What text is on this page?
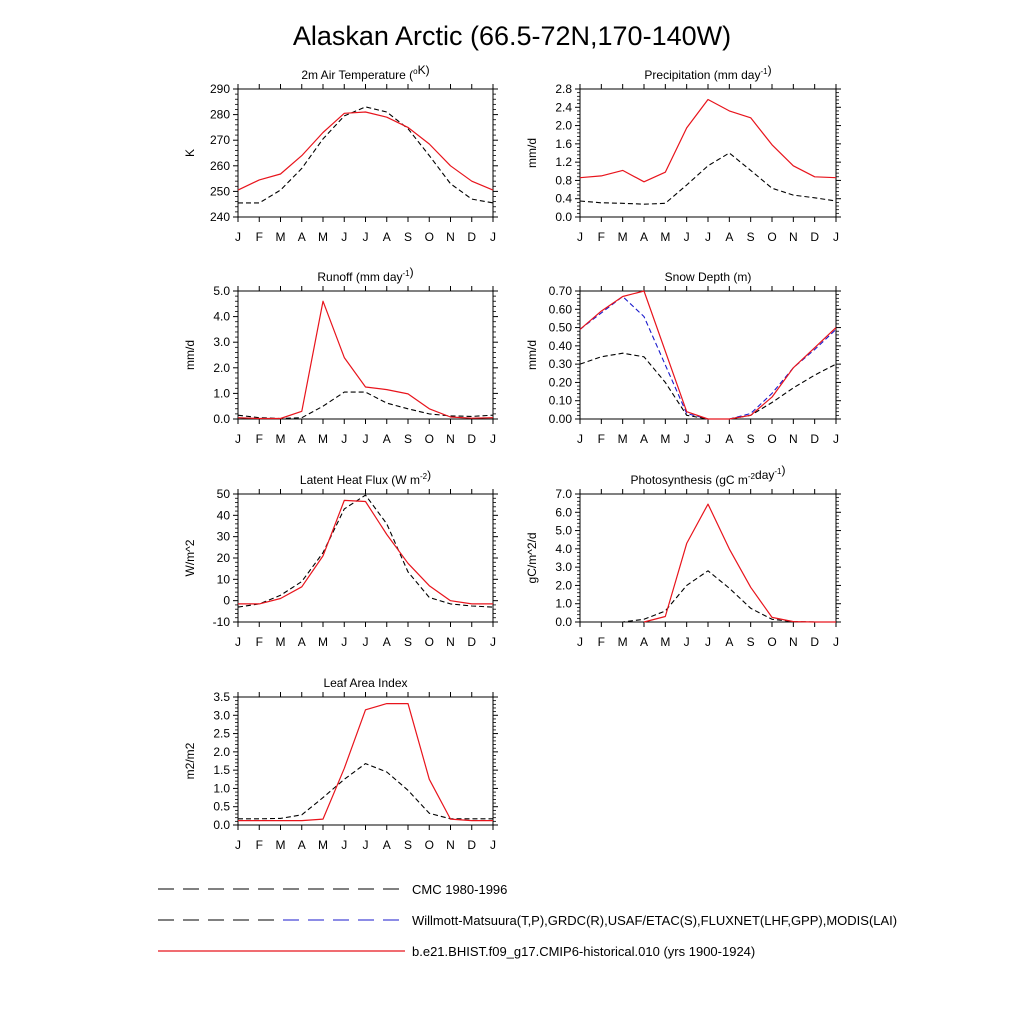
Alaskan Arctic (66.5-72N,170-140W)
2m Air Temperature ($^o$K)
K
240
250
260
270
280
290
J F M A M J J A S O N D J
Precipitation (mm day$^{-1}$)
mm/d
0.0
0.4
0.8
1.2
1.6
2.0
2.4
2.8
J F M A M J J A S O N D J
Runoff (mm day$^{-1}$)
mm/d
0.0
1.0
2.0
3.0
4.0
5.0
J F M A M J J A S O N D J
Snow Depth (m)
mm/d
0.00
0.10
0.20
0.30
0.40
0.50
0.60
0.70
J F M A M J J A S O N D J
Latent Heat Flux (W $m^{-2}$)
W/m^2
-10
0
10
20
30
40
50
J F M A M J J A S O N D J
Photosynthesis (gC $m^{-2}day^{-1}$)
gC/m^2/d
0.0
1.0
2.0
3.0
4.0
5.0
6.0
7.0
J F M A M J J A S O N D J
Leaf Area Index
m2/m2
0.0
0.5
1.0
1.5
2.0
2.5
3.0
3.5
J F M A M J J A S O N D J
CMC 1980-1996
Willmott-Matsuura(T,P),GRDC(R),USAF/ETAC(S),FLUXNET(LHF,GPP),MODIS(LAI)
b.e21.BHIST.f09_g17.CMIP6-historical.010 (yrs 1900-1924)
